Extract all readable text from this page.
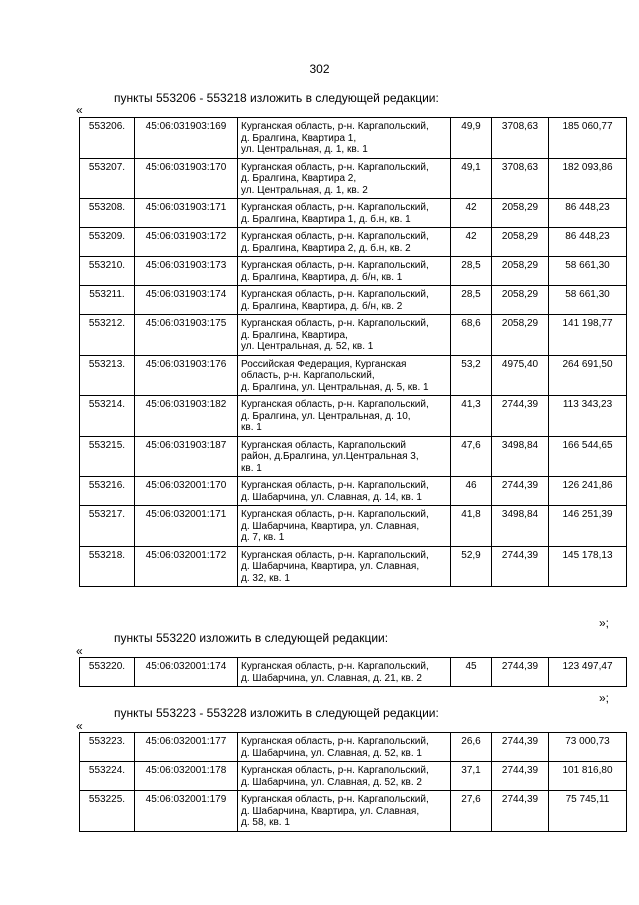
302
пункты 553206 - 553218 изложить в следующей редакции:
«
553206.	45:06:031903:169	Курганская область, р-н. Каргапольский,
д. Бралгина, Квартира 1,
ул. Центральная, д. 1, кв. 1	49,9	3708,63	185 060,77
553207.	45:06:031903:170	Курганская область, р-н. Каргапольский,
д. Бралгина, Квартира 2,
ул. Центральная, д. 1, кв. 2	49,1	3708,63	182 093,86
553208.	45:06:031903:171	Курганская область, р-н. Каргапольский,
д. Бралгина, Квартира 1, д. б.н, кв. 1	42	2058,29	86 448,23
553209.	45:06:031903:172	Курганская область, р-н. Каргапольский,
д. Бралгина, Квартира 2, д. б.н, кв. 2	42	2058,29	86 448,23
553210.	45:06:031903:173	Курганская область, р-н. Каргапольский,
д. Бралгина, Квартира, д. б/н, кв. 1	28,5	2058,29	58 661,30
553211.	45:06:031903:174	Курганская область, р-н. Каргапольский,
д. Бралгина, Квартира, д. б/н, кв. 2	28,5	2058,29	58 661,30
553212.	45:06:031903:175	Курганская область, р-н. Каргапольский,
д. Бралгина, Квартира,
ул. Центральная, д. 52, кв. 1	68,6	2058,29	141 198,77
553213.	45:06:031903:176	Российская Федерация, Курганская
область, р-н. Каргапольский,
д. Бралгина, ул. Центральная, д. 5, кв. 1	53,2	4975,40	264 691,50
553214.	45:06:031903:182	Курганская область, р-н. Каргапольский,
д. Бралгина, ул. Центральная, д. 10,
кв. 1	41,3	2744,39	113 343,23
553215.	45:06:031903:187	Курганская область, Каргапольский
район, д.Бралгина, ул.Центральная 3,
кв. 1	47,6	3498,84	166 544,65
553216.	45:06:032001:170	Курганская область, р-н. Каргапольский,
д. Шабарчина, ул. Славная, д. 14, кв. 1	46	2744,39	126 241,86
553217.	45:06:032001:171	Курганская область, р-н. Каргапольский,
д. Шабарчина, Квартира, ул. Славная,
д. 7, кв. 1	41,8	3498,84	146 251,39
553218.	45:06:032001:172	Курганская область, р-н. Каргапольский,
д. Шабарчина, Квартира, ул. Славная,
д. 32, кв. 1	52,9	2744,39	145 178,13
»;
пункты 553220 изложить в следующей редакции:
«
553220.	45:06:032001:174	Курганская область, р-н. Каргапольский,
д. Шабарчина, ул. Славная, д. 21, кв. 2
	45	2744,39	123 497,47
»;
пункты 553223 - 553228 изложить в следующей редакции:
«
553223.	45:06:032001:177	Курганская область, р-н. Каргапольский,
д. Шабарчина, ул. Славная, д. 52, кв. 1	26,6	2744,39	73 000,73
553224.	45:06:032001:178	Курганская область, р-н. Каргапольский,
д. Шабарчина, ул. Славная, д. 52, кв. 2	37,1	2744,39	101 816,80
553225.	45:06:032001:179	Курганская область, р-н. Каргапольский,
д. Шабарчина, Квартира, ул. Славная,
д. 58, кв. 1	27,6	2744,39	75 745,11
